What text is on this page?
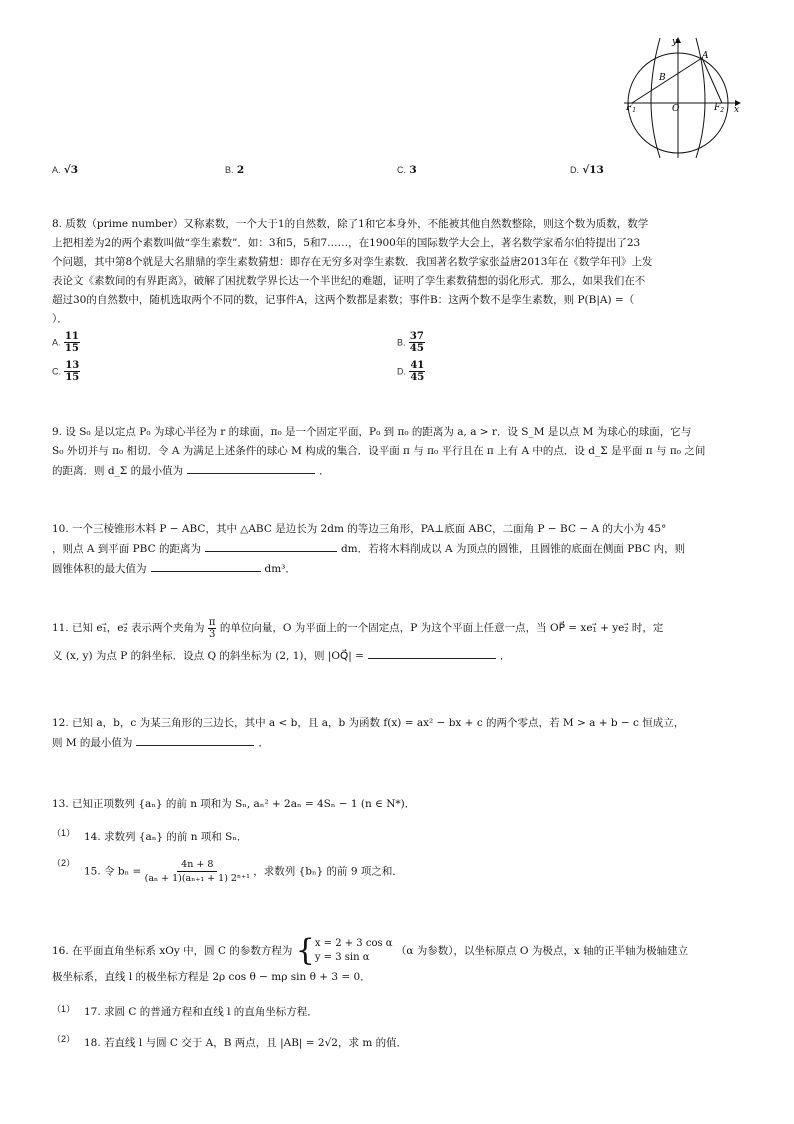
y
x
A
B
$F_1$	O	$F_2$
A. √3	B. 2	C. 3	D. √13
8. 质数（prime number）又称素数，一个大于1的自然数，除了1和它本身外，不能被其他自然数整除，则这个数为质数，数学
上把相差为2的两个素数叫做“孪生素数”．如：3和5，5和7……，在1900年的国际数学大会上，著名数学家希尔伯特提出了23
个问题，其中第8个就是大名鼎鼎的孪生素数猜想：即存在无穷多对孪生素数．我国著名数学家张益唐2013年在《数学年刊》上发
表论文《素数间的有界距离》，破解了困扰数学界长达一个半世纪的难题，证明了孪生素数猜想的弱化形式．那么，如果我们在不
超过30的自然数中，随机选取两个不同的数，记事件A，这两个数都是素数；事件B：这两个数不是孪生素数，则 P(B|A) =（
）．
A. $\frac{11}{15}$	B. $\frac{37}{45}$
C. $\frac{13}{15}$	D. $\frac{41}{45}$
9. 设 S₀ 是以定点 P₀ 为球心半径为 r 的球面，π₀ 是一个固定平面，P₀ 到 π₀ 的距离为 a, a > r．设 S_M 是以点 M 为球心的球面，它与
S₀ 外切并与 π₀ 相切．令 A 为满足上述条件的球心 M 构成的集合．设平面 π 与 π₀ 平行且在 π 上有 A 中的点．设 d_Σ 是平面 π 与 π₀ 之间
的距离．则 d_Σ 的最小值为	．
10. 一个三棱锥形木料 P − ABC，其中 △ABC 是边长为 2dm 的等边三角形，PA⊥底面 ABC，二面角 P − BC − A 的大小为 45°
，则点 A 到平面 PBC 的距离为	dm．若将木料削成以 A 为顶点的圆锥，且圆锥的底面在侧面 PBC 内，则
圆锥体积的最大值为	dm³．
11. 已知 e₁⃗，e₂⃗ 表示两个夹角为 $\frac{\pi}{3}$ 的单位向量，O 为平面上的一个固定点，P 为这个平面上任意一点，当 OP⃗ = xe₁⃗ + ye₂⃗ 时，定
义 (x, y) 为点 P 的斜坐标．设点 Q 的斜坐标为 (2, 1)，则 |OQ⃗| =	．
12. 已知 a，b，c 为某三角形的三边长，其中 a < b，且 a，b 为函数 f(x) = ax² − bx + c 的两个零点，若 M > a + b − c 恒成立，
则 M 的最小值为	．
13. 已知正项数列 {aₙ} 的前 n 项和为 Sₙ, aₙ² + 2aₙ = 4Sₙ − 1 (n ∈ N*)．
（1） 14. 求数列 {aₙ} 的前 n 项和 Sₙ．
（2）
15. 令 $b_n = \frac{4n + 8}{\text{(aₙ + 1)(aₙ₊₁ + 1) 2ⁿ⁺¹}}$ ，求数列 {bₙ} 的前 9 项之和．
16. 在平面直角坐标系 xOy 中，圆 C 的参数方程为 { x = 2 + 3 cos α
y = 3 sin α
（α 为参数），以坐标原点 O 为极点，x 轴的正半轴为极轴建立
极坐标系，直线 l 的极坐标方程是 2ρ cos θ − mρ sin θ + 3 = 0．
（1） 17. 求圆 C 的普通方程和直线 l 的直角坐标方程．
（2） 18. 若直线 l 与圆 C 交于 A，B 两点，且 |AB| = 2√2，求 m 的值．
